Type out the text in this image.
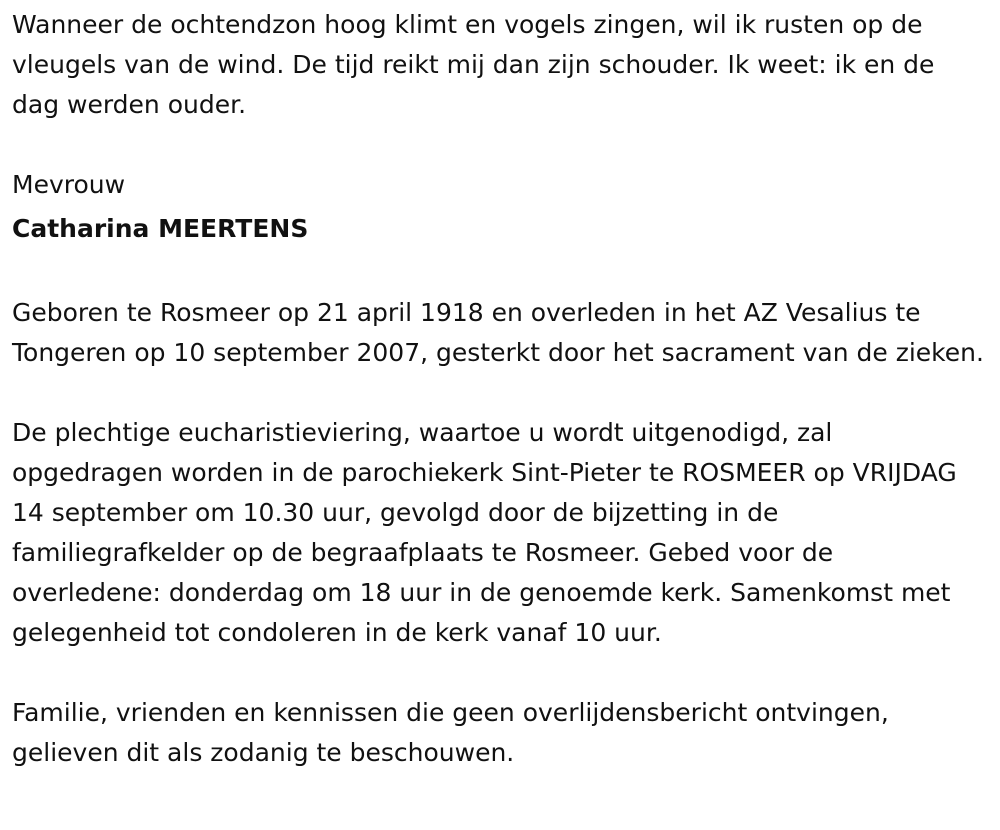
Wanneer de ochtendzon hoog klimt en vogels zingen, wil ik rusten op de vleugels van de wind. De tijd reikt mij dan zijn schouder. Ik weet: ik en de dag werden ouder.

Mevrouw

Catharina MEERTENS

Geboren te Rosmeer op 21 april 1918 en overleden in het AZ Vesalius te Tongeren op 10 september 2007, gesterkt door het sacrament van de zieken.

De plechtige eucharistieviering, waartoe u wordt uitgenodigd, zal opgedragen worden in de parochiekerk Sint-Pieter te ROSMEER op VRIJDAG 14 september om 10.30 uur, gevolgd door de bijzetting in de familiegrafkelder op de begraafplaats te Rosmeer. Gebed voor de overledene: donderdag om 18 uur in de genoemde kerk. Samenkomst met gelegenheid tot condoleren in de kerk vanaf 10 uur.

Familie, vrienden en kennissen die geen overlijdensbericht ontvingen, gelieven dit als zodanig te beschouwen.
